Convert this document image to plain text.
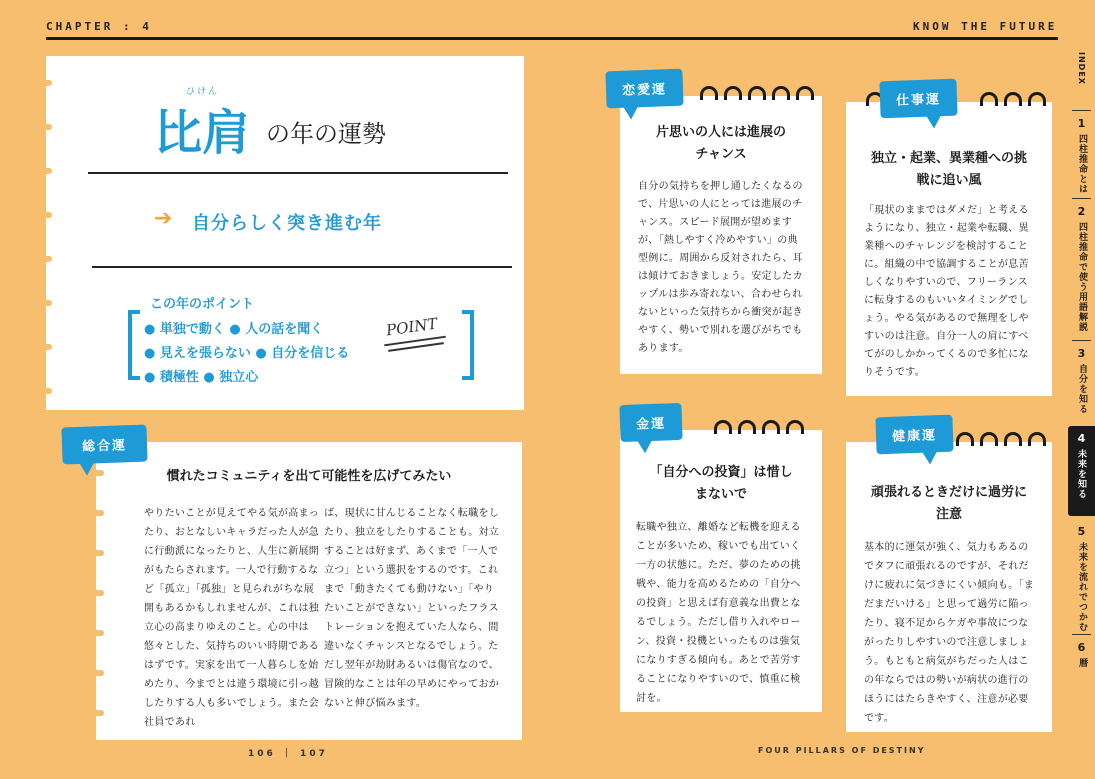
CHAPTER : 4	KNOW THE FUTURE
ひけん
比肩 の年の運勢
➔ 自分らしく突き進む年
この年のポイント
● 単独で動く ● 人の話を聞く
● 見えを張らない ● 自分を信じる
● 積極性 ● 独立心
POINT
慣れたコミュニティを出て可能性を広げてみたい
やりたいことが見えてやる気が高まったり、おとなしいキャラだった人が急に行動派になったりと、人生に新展開がもたらされます。一人で行動するなど「孤立」「孤独」と見られがちな展開もあるかもしれませんが、これは独立心の高まりゆえのこと。心の中は悠々とした、気持ちのいい時期であるはずです。実家を出て一人暮らしを始めたり、今までとは違う環境に引っ越したりする人も多いでしょう。また会社員であれ
ば、現状に甘んじることなく転職をしたり、独立をしたりすることも。対立することは好まず、あくまで「一人で立つ」という選択をするのです。これまで「動きたくても動けない」「やりたいことができない」といったフラストレーションを抱えていた人なら、間違いなくチャンスとなるでしょう。ただし翌年が劫財あるいは傷官なので、冒険的なことは年の早めにやっておかないと伸び悩みます。
総合運
片思いの人には進展のチャンス
自分の気持ちを押し通したくなるので、片思いの人にとっては進展のチャンス。スピード展開が望めますが、「熱しやすく冷めやすい」の典型例に。周囲から反対されたら、耳は傾けておきましょう。安定したカップルは歩み寄れない、合わせられないといった気持ちから衝突が起きやすく、勢いで別れを選びがちでもあります。
恋愛運
独立・起業、異業種への挑戦に追い風
「現状のままではダメだ」と考えるようになり、独立・起業や転職、異業種へのチャレンジを検討することに。組織の中で協調することが息苦しくなりやすいので、フリーランスに転身するのもいいタイミングでしょう。やる気があるので無理をしやすいのは注意。自分一人の肩にすべてがのしかかってくるので多忙になりそうです。
仕事運
「自分への投資」は惜しまないで
転職や独立、離婚など転機を迎えることが多いため、稼いでも出ていく一方の状態に。ただ、夢のための挑戦や、能力を高めるための「自分への投資」と思えば有意義な出費となるでしょう。ただし借り入れやローン、投資・投機といったものは強気になりすぎる傾向も。あとで苦労することになりやすいので、慎重に検討を。
金運
頑張れるときだけに過労に注意
基本的に運気が強く、気力もあるのでタフに頑張れるのですが、それだけに疲れに気づきにくい傾向も。「まだまだいける」と思って過労に陥ったり、寝不足からケガや事故につながったりしやすいので注意しましょう。もともと病気がちだった人はこの年ならではの勢いが病状の進行のほうにはたらきやすく、注意が必要です。
健康運
106 ｜ 107	FOUR PILLARS OF DESTINY
INDEX
1
四柱推命とは
2
四柱推命で使う用語解説
3
自分を知る
4
未来を知る
5
未来を流れでつかむ
6
暦
